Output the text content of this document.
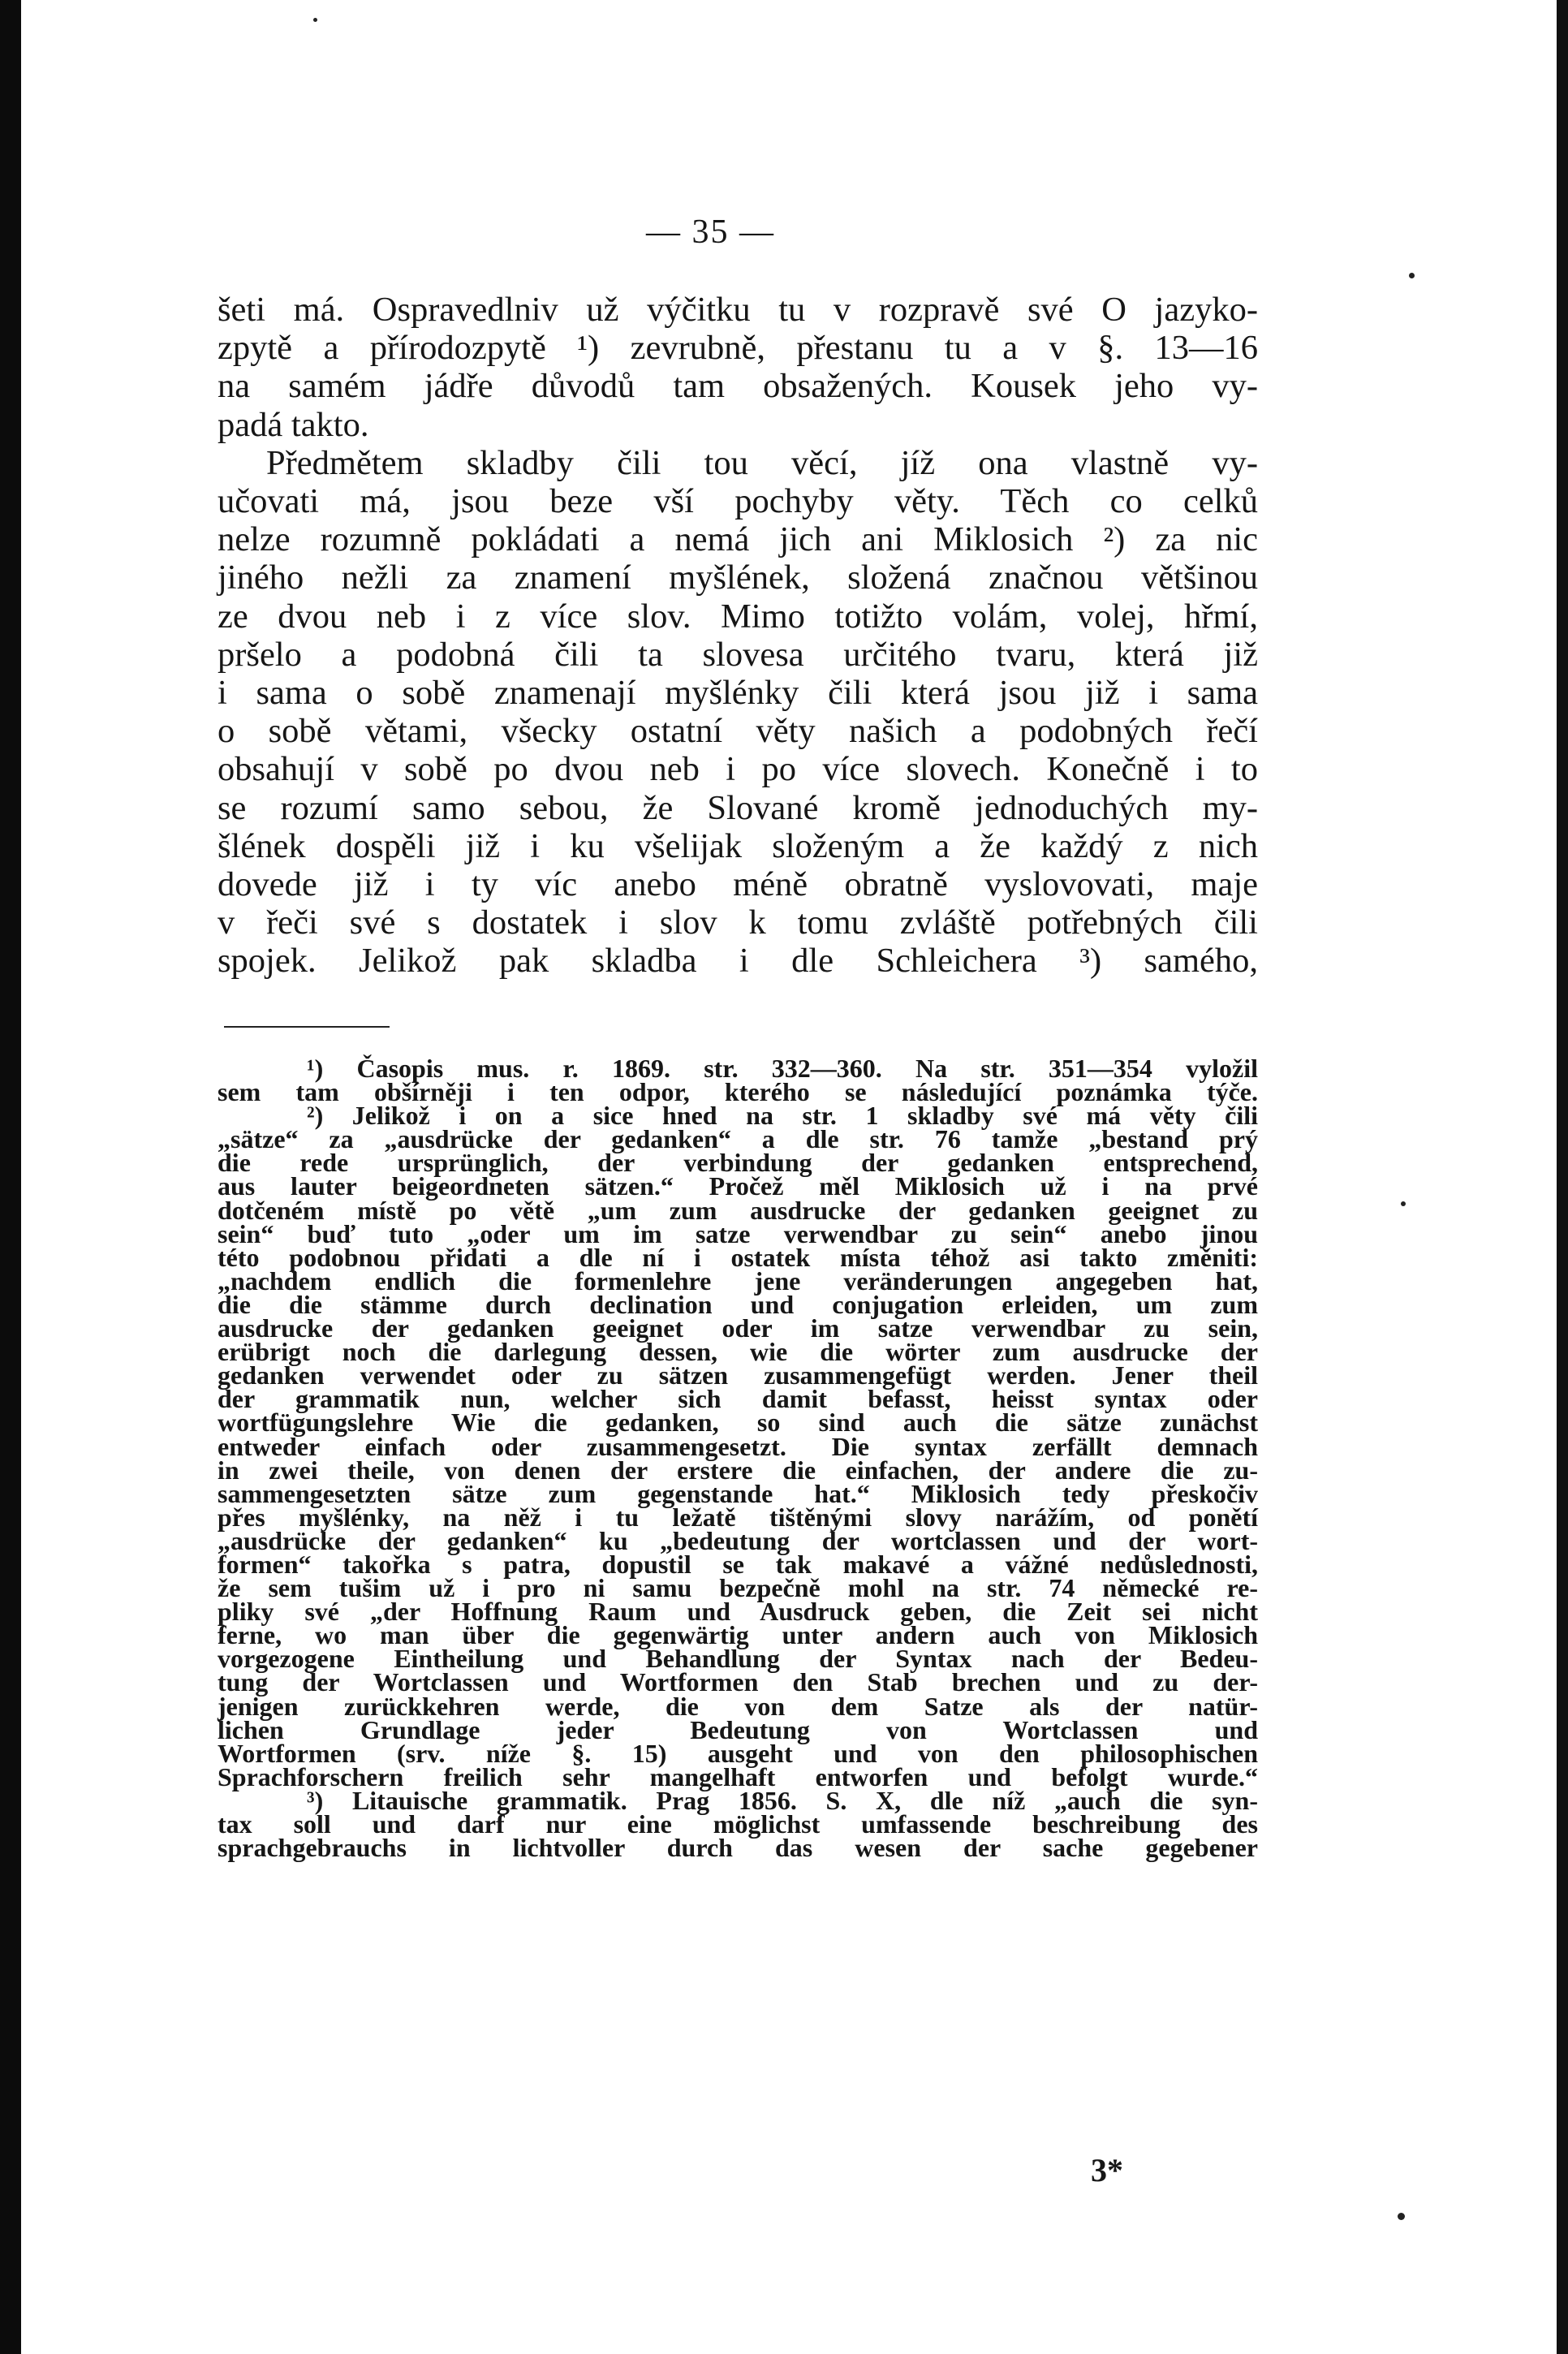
— 35 —
šeti má. Ospravedlniv už výčitku tu v rozpravě své O jazyko-
zpytě a přírodozpytě ¹) zevrubně, přestanu tu a v §. 13—16
na samém jádře důvodů tam obsažených. Kousek jeho vy-
padá takto.
Předmětem skladby čili tou věcí, jíž ona vlastně vy-
učovati má, jsou beze vší pochyby věty. Těch co celků
nelze rozumně pokládati a nemá jich ani Miklosich ²) za nic
jiného nežli za znamení myšlének, složená značnou většinou
ze dvou neb i z více slov. Mimo totižto volám, volej, hřmí,
pršelo a podobná čili ta slovesa určitého tvaru, která již
i sama o sobě znamenají myšlénky čili která jsou již i sama
o sobě větami, všecky ostatní věty našich a podobných řečí
obsahují v sobě po dvou neb i po více slovech. Konečně i to
se rozumí samo sebou, že Slované kromě jednoduchých my-
šlének dospěli již i ku všelijak složeným a že každý z nich
dovede již i ty víc anebo méně obratně vyslovovati, maje
v řeči své s dostatek i slov k tomu zvláště potřebných čili
spojek. Jelikož pak skladba i dle Schleichera ³) samého,
¹) Časopis mus. r. 1869. str. 332—360. Na str. 351—354 vyložil
sem tam obšírněji i ten odpor, kterého se následující poznámka týče.
²) Jelikož i on a sice hned na str. 1 skladby své má věty čili
„sätze“ za „ausdrücke der gedanken“ a dle str. 76 tamže „bestand prý
die rede ursprünglich, der verbindung der gedanken entsprechend,
aus lauter beigeordneten sätzen.“ Pročež měl Miklosich už i na prvé
dotčeném místě po větě „um zum ausdrucke der gedanken geeignet zu
sein“ buď tuto „oder um im satze verwendbar zu sein“ anebo jinou
této podobnou přidati a dle ní i ostatek místa téhož asi takto změniti:
„nachdem endlich die formenlehre jene veränderungen angegeben hat,
die die stämme durch declination und conjugation erleiden, um zum
ausdrucke der gedanken geeignet oder im satze verwendbar zu sein,
erübrigt noch die darlegung dessen, wie die wörter zum ausdrucke der
gedanken verwendet oder zu sätzen zusammengefügt werden. Jener theil
der grammatik nun, welcher sich damit befasst, heisst syntax oder
wortfügungslehre Wie die gedanken, so sind auch die sätze zunächst
entweder einfach oder zusammengesetzt. Die syntax zerfällt demnach
in zwei theile, von denen der erstere die einfachen, der andere die zu-
sammengesetzten sätze zum gegenstande hat.“ Miklosich tedy přeskočiv
přes myšlénky, na něž i tu ležatě tištěnými slovy narážím, od ponětí
„ausdrücke der gedanken“ ku „bedeutung der wortclassen und der wort-
formen“ takořka s patra, dopustil se tak makavé a vážné nedůslednosti,
že sem tušim už i pro ni samu bezpečně mohl na str. 74 německé re-
pliky své „der Hoffnung Raum und Ausdruck geben, die Zeit sei nicht
ferne, wo man über die gegenwärtig unter andern auch von Miklosich
vorgezogene Eintheilung und Behandlung der Syntax nach der Bedeu-
tung der Wortclassen und Wortformen den Stab brechen und zu der-
jenigen zurückkehren werde, die von dem Satze als der natür-
lichen Grundlage jeder Bedeutung von Wortclassen und
Wortformen (srv. níže §. 15) ausgeht und von den philosophischen
Sprachforschern freilich sehr mangelhaft entworfen und befolgt wurde.“
³) Litauische grammatik. Prag 1856. S. X, dle níž „auch die syn-
tax soll und darf nur eine möglichst umfassende beschreibung des
sprachgebrauchs in lichtvoller durch das wesen der sache gegebener
3*
